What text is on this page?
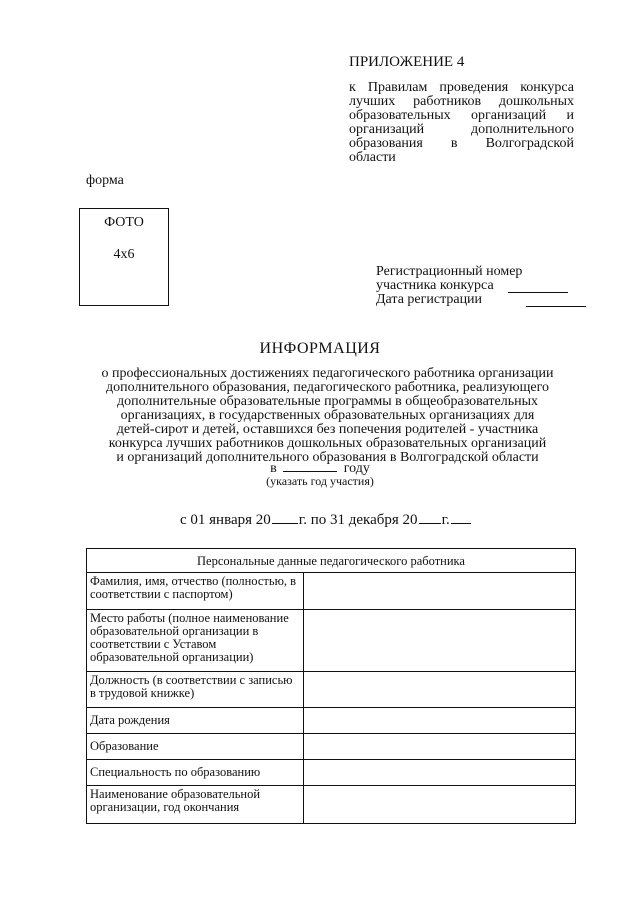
ПРИЛОЖЕНИЕ 4
к Правилам проведения конкурса
лучших работников дошкольных
образовательных организаций и
организаций дополнительного
образования в Волгоградской
области
форма
ФОТО
4x6
Регистрационный номер
участника конкурса
Дата регистрации
ИНФОРМАЦИЯ
о профессиональных достижениях педагогического работника организации
дополнительного образования, педагогического работника, реализующего
дополнительные образовательные программы в общеобразовательных
организациях, в государственных образовательных организациях для
детей-сирот и детей, оставшихся без попечения родителей - участника
конкурса лучших работников дошкольных образовательных организаций
и организаций дополнительного образования в Волгоградской области
в	году
(указать год участия)
с 01 января 20 г. по 31 декабря 20 г.
Персональные данные педагогического работника	
Фамилия, имя, отчество (полностью, в соответствии с паспортом)	
Место работы (полное наименование образовательной организации в соответствии с Уставом образовательной организации)	
Должность (в соответствии с записью в трудовой книжке)	
Дата рождения	
Образование	
Специальность по образованию	
Наименование образовательной организации, год окончания	
